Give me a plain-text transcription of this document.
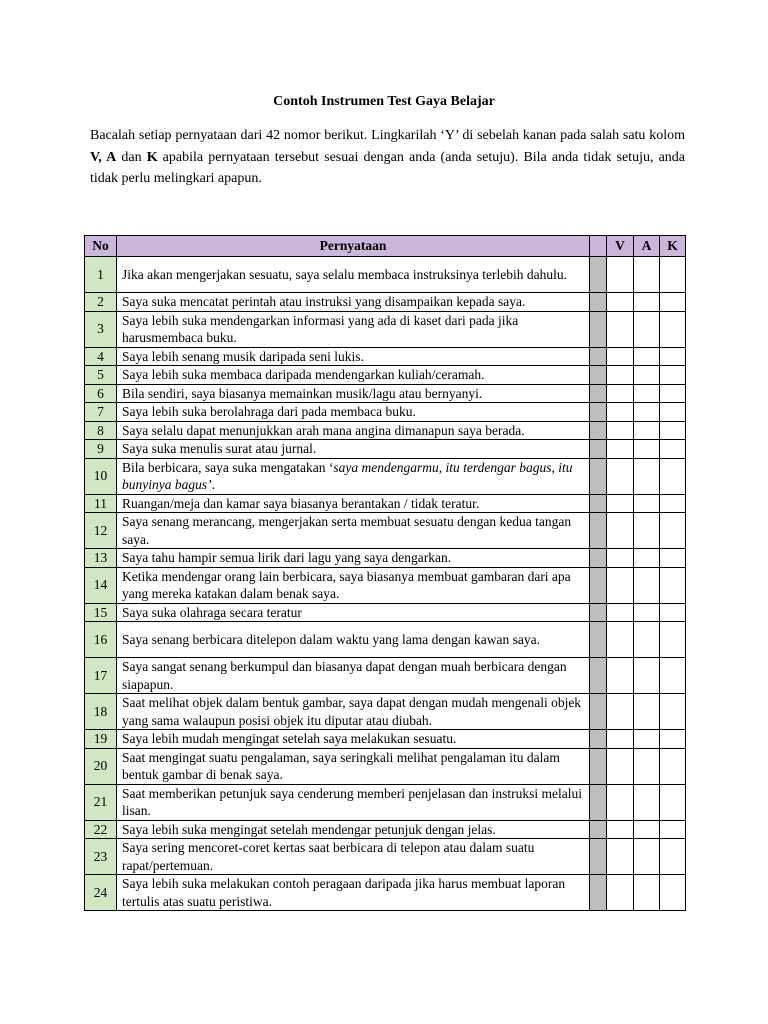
Contoh Instrumen Test Gaya Belajar

Bacalah setiap pernyataan dari 42 nomor berikut. Lingkarilah ‘Y’ di sebelah kanan pada salah satu kolom V, A dan K apabila pernyataan tersebut sesuai dengan anda (anda setuju). Bila anda tidak setuju, anda tidak perlu melingkari apapun.

No	Pernyataan		V	A	K
1	Jika akan mengerjakan sesuatu, saya selalu membaca instruksinya terlebih dahulu.				
2	Saya suka mencatat perintah atau instruksi yang disampaikan kepada saya.				
3	Saya lebih suka mendengarkan informasi yang ada di kaset dari pada jika harusmembaca buku.				
4	Saya lebih senang musik daripada seni lukis.				
5	Saya lebih suka membaca daripada mendengarkan kuliah/ceramah.				
6	Bila sendiri, saya biasanya memainkan musik/lagu atau bernyanyi.				
7	Saya lebih suka berolahraga dari pada membaca buku.				
8	Saya selalu dapat menunjukkan arah mana angina dimanapun saya berada.				
9	Saya suka menulis surat atau jurnal.				
10	Bila berbicara, saya suka mengatakan ‘saya mendengarmu, itu terdengar bagus, itu bunyinya bagus’.				
11	Ruangan/meja dan kamar saya biasanya berantakan / tidak teratur.				
12	Saya senang merancang, mengerjakan serta membuat sesuatu dengan kedua tangan saya.				
13	Saya tahu hampir semua lirik dari lagu yang saya dengarkan.				
14	Ketika mendengar orang lain berbicara, saya biasanya membuat gambaran dari apa yang mereka katakan dalam benak saya.				
15	Saya suka olahraga secara teratur				
16	Saya senang berbicara ditelepon dalam waktu yang lama dengan kawan saya.				
17	Saya sangat senang berkumpul dan biasanya dapat dengan muah berbicara dengan siapapun.				
18	Saat melihat objek dalam bentuk gambar, saya dapat dengan mudah mengenali objek yang sama walaupun posisi objek itu diputar atau diubah.				
19	Saya lebih mudah mengingat setelah saya melakukan sesuatu.				
20	Saat mengingat suatu pengalaman, saya seringkali melihat pengalaman itu dalam bentuk gambar di benak saya.				
21	Saat memberikan petunjuk saya cenderung memberi penjelasan dan instruksi melalui lisan.				
22	Saya lebih suka mengingat setelah mendengar petunjuk dengan jelas.				
23	Saya sering mencoret-coret kertas saat berbicara di telepon atau dalam suatu rapat/pertemuan.				
24	Saya lebih suka melakukan contoh peragaan daripada jika harus membuat laporan tertulis atas suatu peristiwa.				
